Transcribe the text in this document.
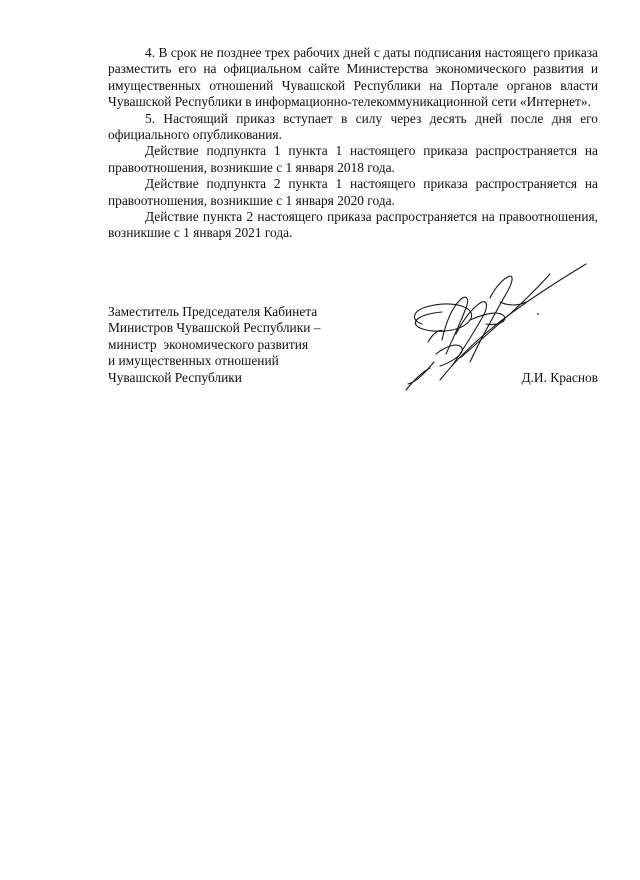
4. В срок не позднее трех рабочих дней с даты подписания настоящего приказа разместить его на официальном сайте Министерства экономического развития и имущественных отношений Чувашской Республики на Портале органов власти Чувашской Республики в информационно-телекоммуникационной сети «Интернет».

5. Настоящий приказ вступает в силу через десять дней после дня его официального опубликования.

Действие подпункта 1 пункта 1 настоящего приказа распространяется на правоотношения, возникшие с 1 января 2018 года.

Действие подпункта 2 пункта 1 настоящего приказа распространяется на правоотношения, возникшие с 1 января 2020 года.

Действие пункта 2 настоящего приказа распространяется на правоотношения, возникшие с 1 января 2021 года.

Заместитель Председателя Кабинета
Министров Чувашской Республики –
министр  экономического развития
и имущественных отношений
Чувашской Республики	Д.И. Краснов
